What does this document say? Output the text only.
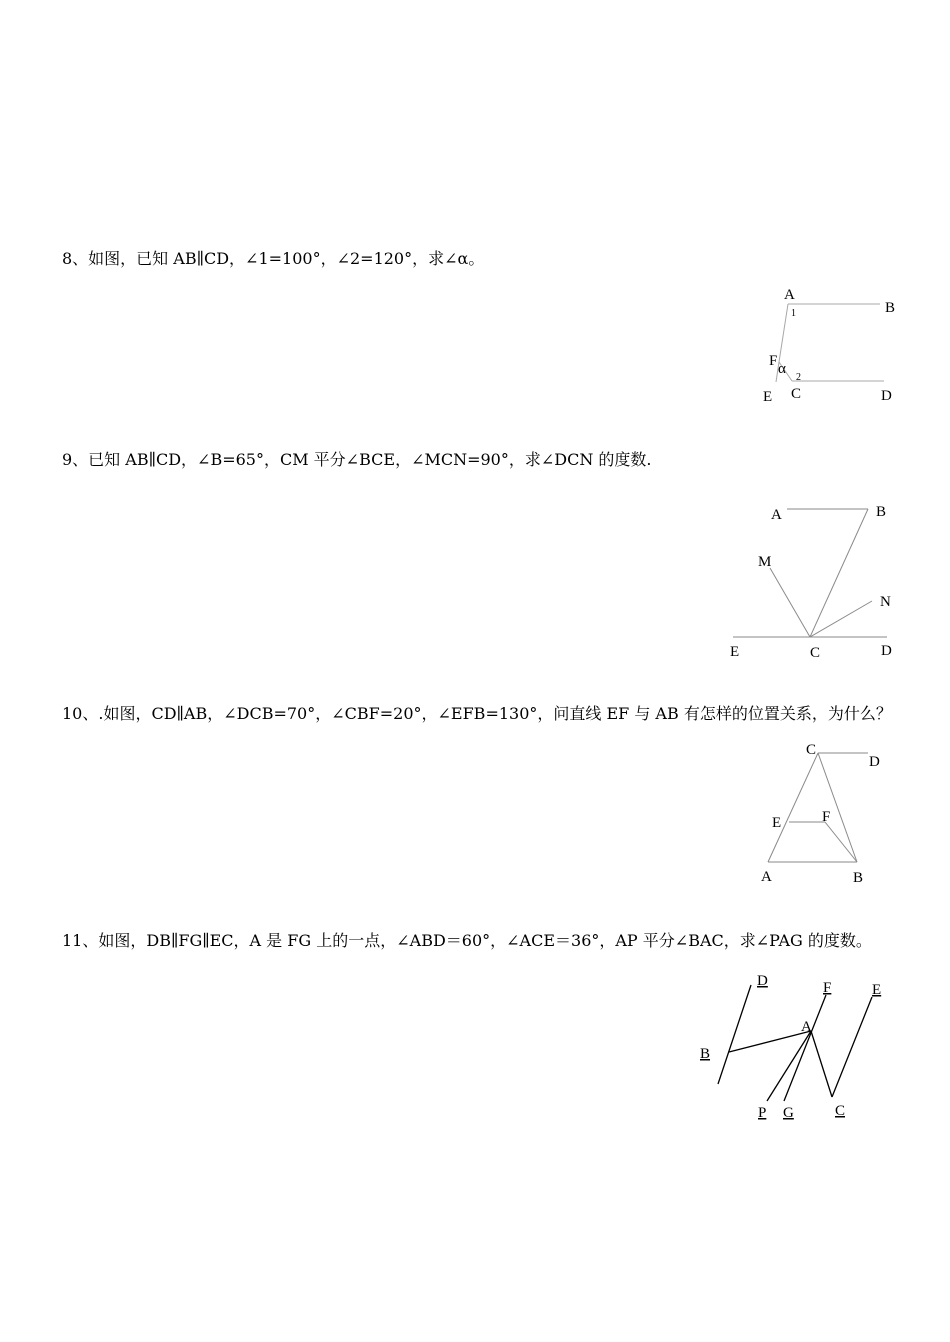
8、如图，已知 AB∥CD，∠1=100°，∠2=120°，求∠α。

A
B
1
F α
2
E C	D

9、已知 AB∥CD，∠B=65°，CM 平分∠BCE，∠MCN=90°，求∠DCN 的度数.

A	B
M
N
E	C	D

10、.如图，CD∥AB，∠DCB=70°，∠CBF=20°，∠EFB=130°，问直线 EF 与 AB 有怎样的位置关系，为什么？

C
D
E	F
A	B

11、如图，DB∥FG∥EC，A 是 FG 上的一点，∠ABD＝60°，∠ACE＝36°，AP 平分∠BAC，求∠PAG 的度数。

D	F	E
A
B
P G	C
